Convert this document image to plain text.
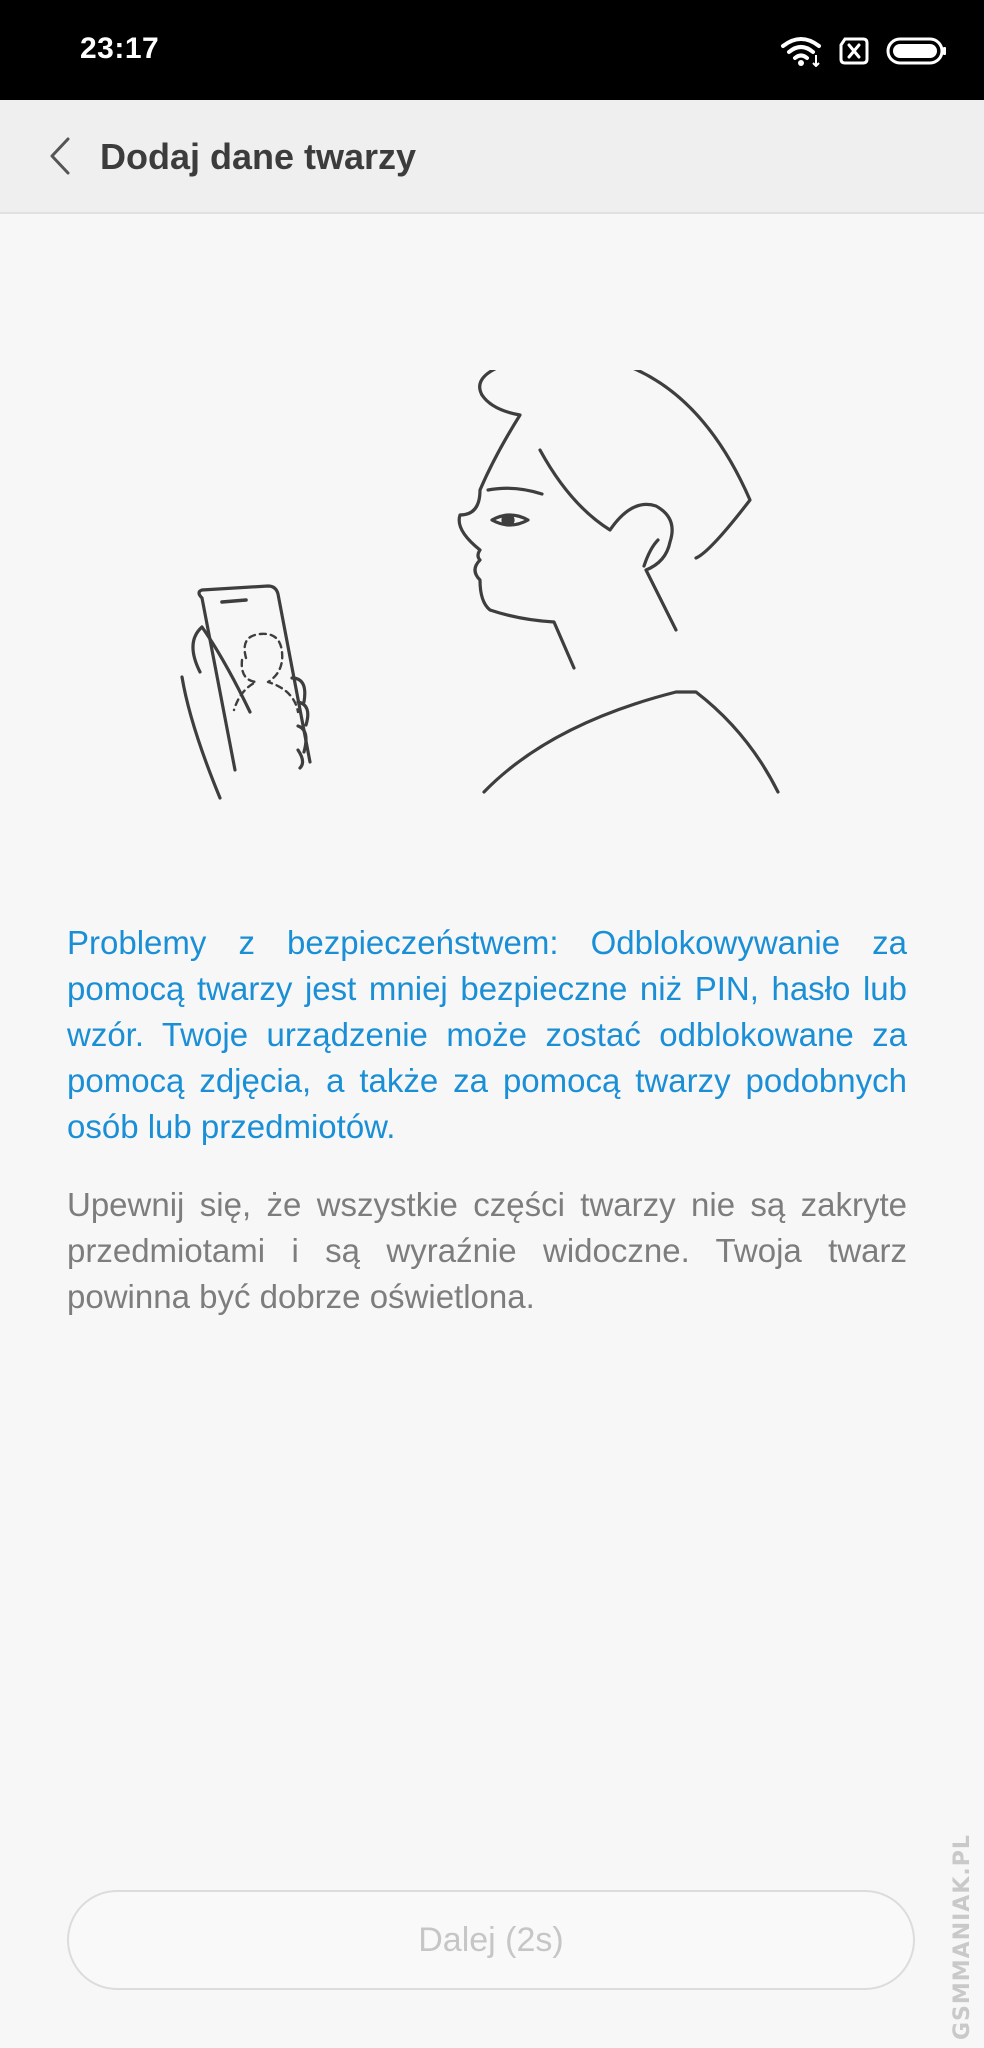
23:17
Dodaj dane twarzy

Problemy z bezpieczeństwem: Odblokowywanie za pomocą twarzy jest mniej bezpieczne niż PIN, hasło lub wzór. Twoje urządzenie może zostać odblokowane za pomocą zdjęcia, a także za pomocą twarzy podobnych osób lub przedmiotów.

Upewnij się, że wszystkie części twarzy nie są zakryte przedmiotami i są wyraźnie widoczne. Twoja twarz powinna być dobrze oświetlona.

Dalej (2s)	GSMMANIAK.PL
